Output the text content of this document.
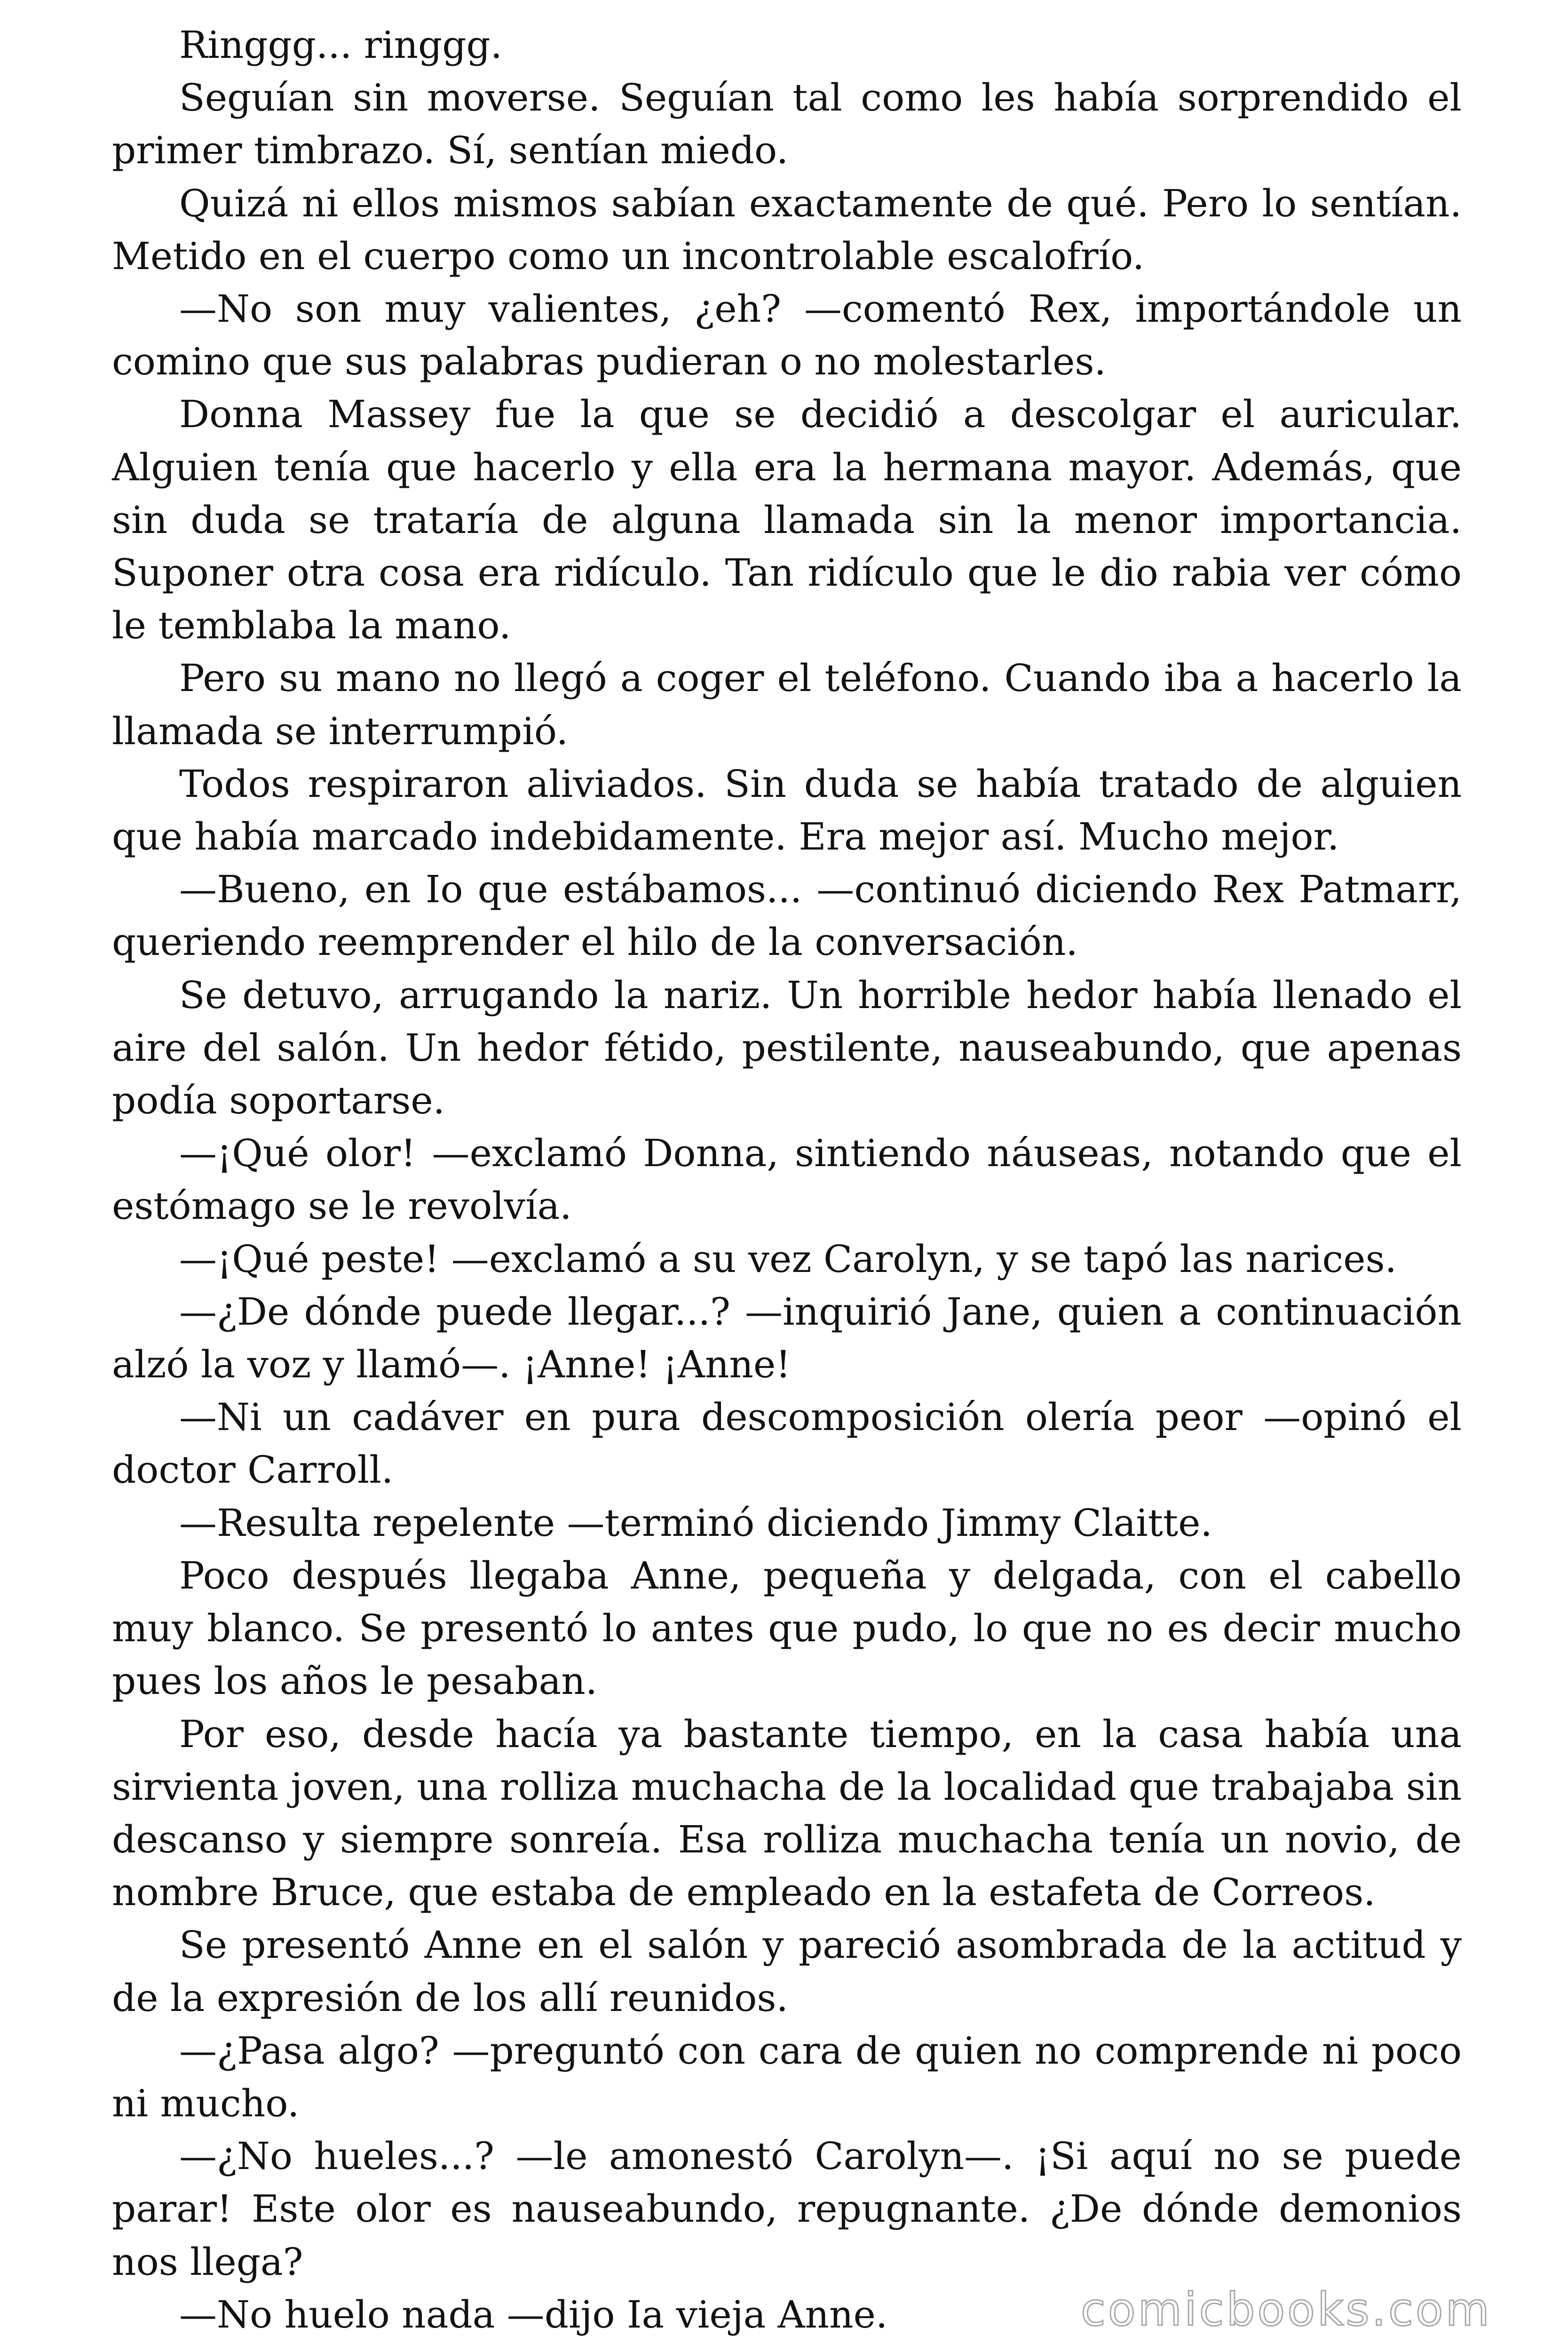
Ringgg... ringgg.

Seguían sin moverse. Seguían tal como les había sorprendido el primer timbrazo. Sí, sentían miedo.

Quizá ni ellos mismos sabían exactamente de qué. Pero lo sentían. Metido en el cuerpo como un incontrolable escalofrío.

—No son muy valientes, ¿eh? —comentó Rex, importándole un comino que sus palabras pudieran o no molestarles.

Donna Massey fue la que se decidió a descolgar el auricular. Alguien tenía que hacerlo y ella era la hermana mayor. Además, que sin duda se trataría de alguna llamada sin la menor importancia. Suponer otra cosa era ridículo. Tan ridículo que le dio rabia ver cómo le temblaba la mano.

Pero su mano no llegó a coger el teléfono. Cuando iba a hacerlo la llamada se interrumpió.

Todos respiraron aliviados. Sin duda se había tratado de alguien que había marcado indebidamente. Era mejor así. Mucho mejor.

—Bueno, en Io que estábamos... —continuó diciendo Rex Patmarr, queriendo reemprender el hilo de la conversación.

Se detuvo, arrugando la nariz. Un horrible hedor había llenado el aire del salón. Un hedor fétido, pestilente, nauseabundo, que apenas podía soportarse.

—¡Qué olor! —exclamó Donna, sintiendo náuseas, notando que el estómago se le revolvía.

—¡Qué peste! —exclamó a su vez Carolyn, y se tapó las narices.

—¿De dónde puede llegar...? —inquirió Jane, quien a continuación alzó la voz y llamó—. ¡Anne! ¡Anne!

—Ni un cadáver en pura descomposición olería peor —opinó el doctor Carroll.

—Resulta repelente —terminó diciendo Jimmy Claitte.

Poco después llegaba Anne, pequeña y delgada, con el cabello muy blanco. Se presentó lo antes que pudo, lo que no es decir mucho pues los años le pesaban.

Por eso, desde hacía ya bastante tiempo, en la casa había una sirvienta joven, una rolliza muchacha de la localidad que trabajaba sin descanso y siempre sonreía. Esa rolliza muchacha tenía un novio, de nombre Bruce, que estaba de empleado en la estafeta de Correos.

Se presentó Anne en el salón y pareció asombrada de la actitud y de la expresión de los allí reunidos.

—¿Pasa algo? —preguntó con cara de quien no comprende ni poco ni mucho.

—¿No hueles...? —le amonestó Carolyn—. ¡Si aquí no se puede parar! Este olor es nauseabundo, repugnante. ¿De dónde demonios nos llega?

—No huelo nada —dijo Ia vieja Anne.	comicbooks.com
